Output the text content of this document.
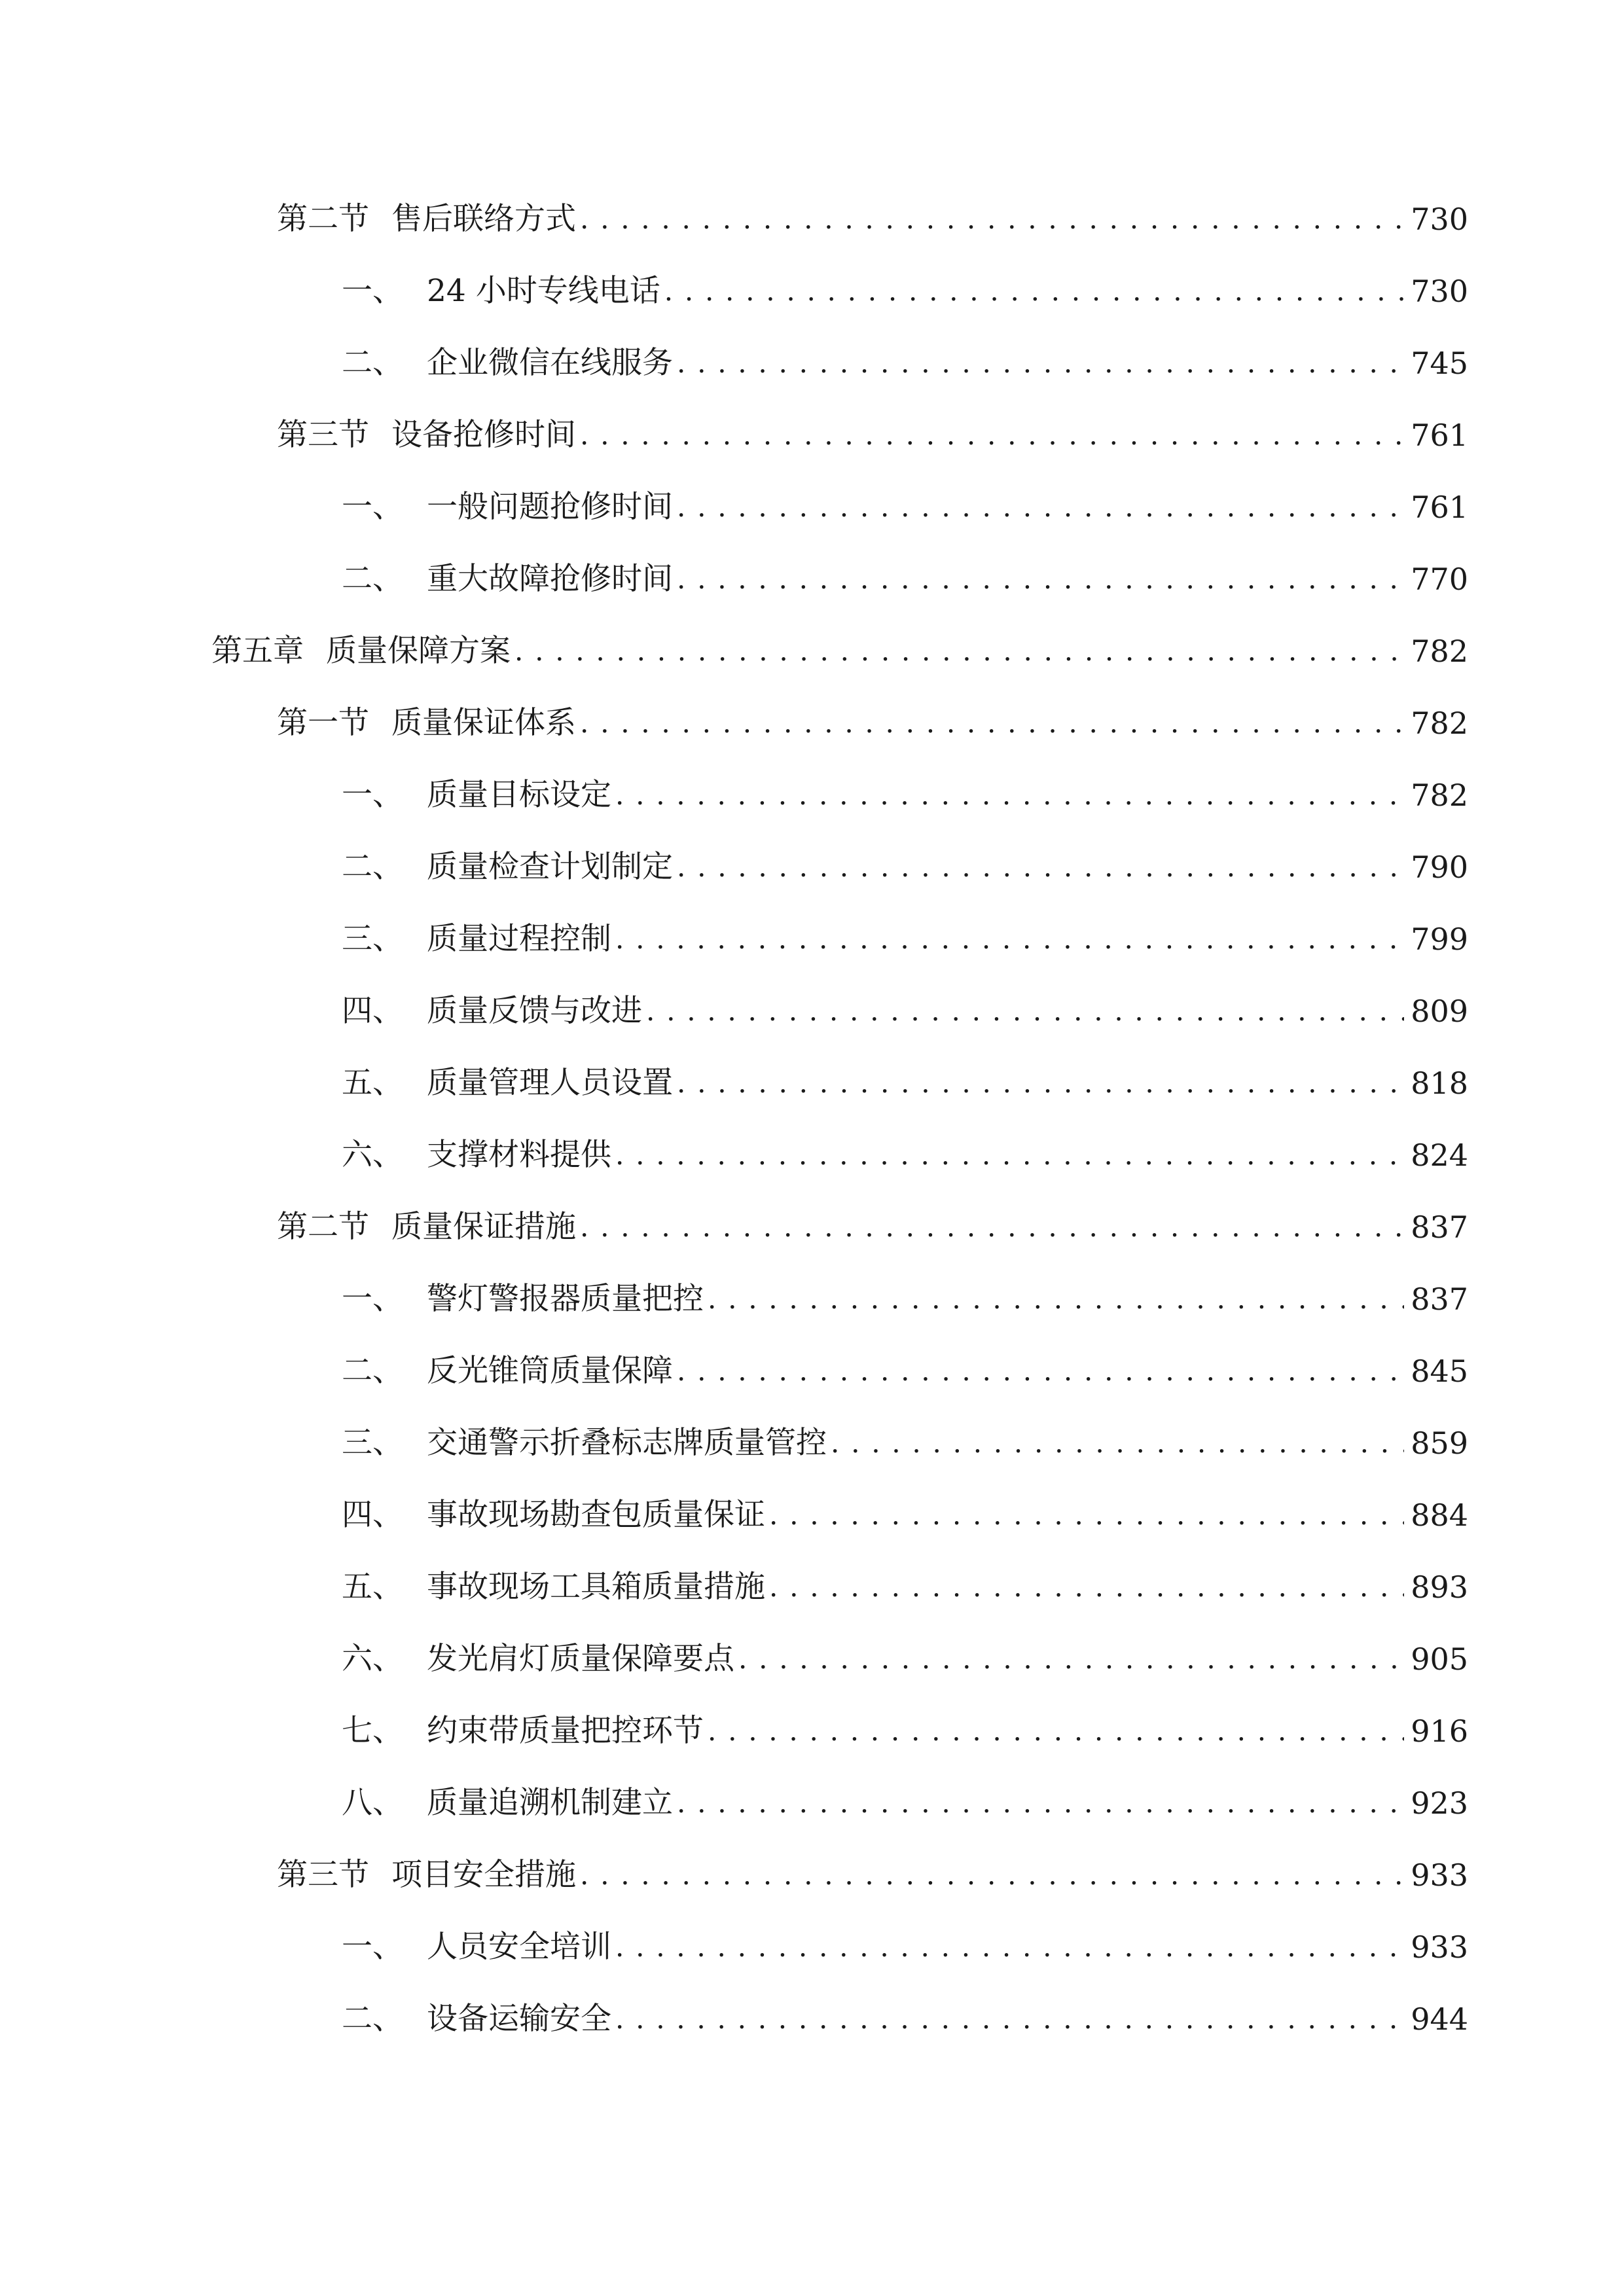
第二节 售后联络方式 . . .	730
一、 24 小时专线电话 . . .	730
二、 企业微信在线服务 . . .	745
第三节 设备抢修时间 . . .	761
一、 一般问题抢修时间 . . .	761
二、 重大故障抢修时间 . . .	770
第五章 质量保障方案 . . .	782
第一节 质量保证体系 . . .	782
一、 质量目标设定 . . .	782
二、 质量检查计划制定 . . .	790
三、 质量过程控制 . . .	799
四、 质量反馈与改进 . . .	809
五、 质量管理人员设置 . . .	818
六、 支撑材料提供 . . .	824
第二节 质量保证措施 . . .	837
一、 警灯警报器质量把控 . . .	837
二、 反光锥筒质量保障 . . .	845
三、 交通警示折叠标志牌质量管控 . . .	859
四、 事故现场勘查包质量保证 . . .	884
五、 事故现场工具箱质量措施 . . .	893
六、 发光肩灯质量保障要点 . . .	905
七、 约束带质量把控环节 . . .	916
八、 质量追溯机制建立 . . .	923
第三节 项目安全措施 . . .	933
一、 人员安全培训 . . .	933
二、 设备运输安全 . . .	944
